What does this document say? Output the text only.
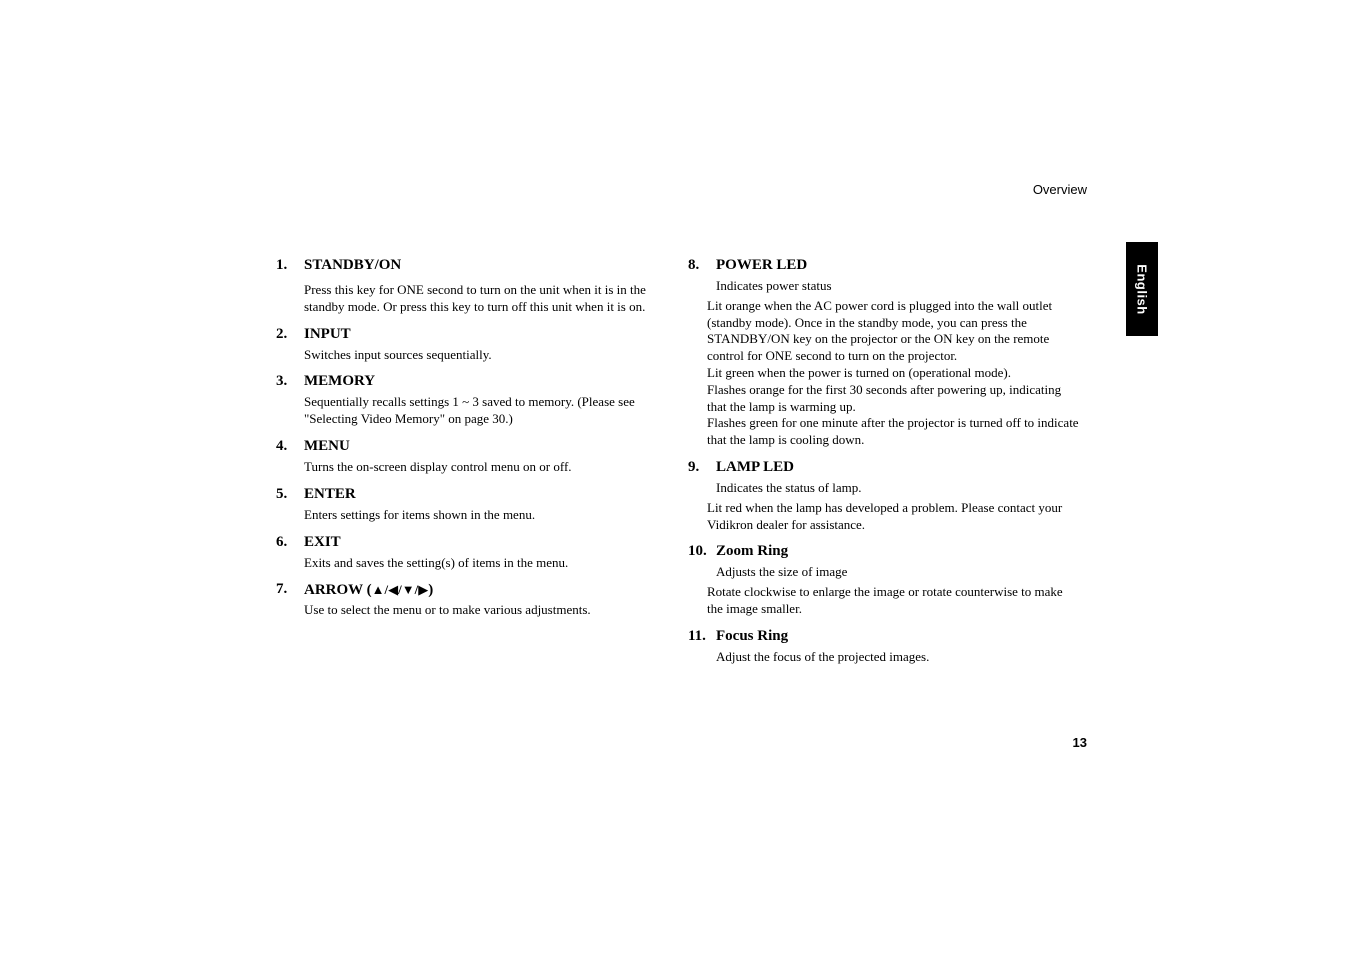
Overview
English
1.	STANDBY/ON

Press this key for ONE second to turn on the unit when it is in the standby mode. Or press this key to turn off this unit when it is on.

2.	INPUT

Switches input sources sequentially.

3.	MEMORY

Sequentially recalls settings 1 ~ 3 saved to memory. (Please see "Selecting Video Memory" on page 30.)

4.	MENU

Turns the on-screen display control menu on or off.

5.	ENTER

Enters settings for items shown in the menu.

6.	EXIT

Exits and saves the setting(s) of items in the menu.

7.	ARROW (▲/◀/▼/▶)

Use to select the menu or to make various adjustments.

8.	POWER LED

Indicates power status

Lit orange when the AC power cord is plugged into the wall outlet (standby mode). Once in the standby mode, you can press the STANDBY/ON key on the projector or the ON key on the remote control for ONE second to turn on the projector.

Lit green when the power is turned on (operational mode).

Flashes orange for the first 30 seconds after powering up, indicating that the lamp is warming up.

Flashes green for one minute after the projector is turned off to indicate that the lamp is cooling down.

9.	LAMP LED

Indicates the status of lamp.

Lit red when the lamp has developed a problem. Please contact your Vidikron dealer for assistance.

10. Zoom Ring

Adjusts the size of image

Rotate clockwise to enlarge the image or rotate counterwise to make the image smaller.

11. Focus Ring

Adjust the focus of the projected images.

13
